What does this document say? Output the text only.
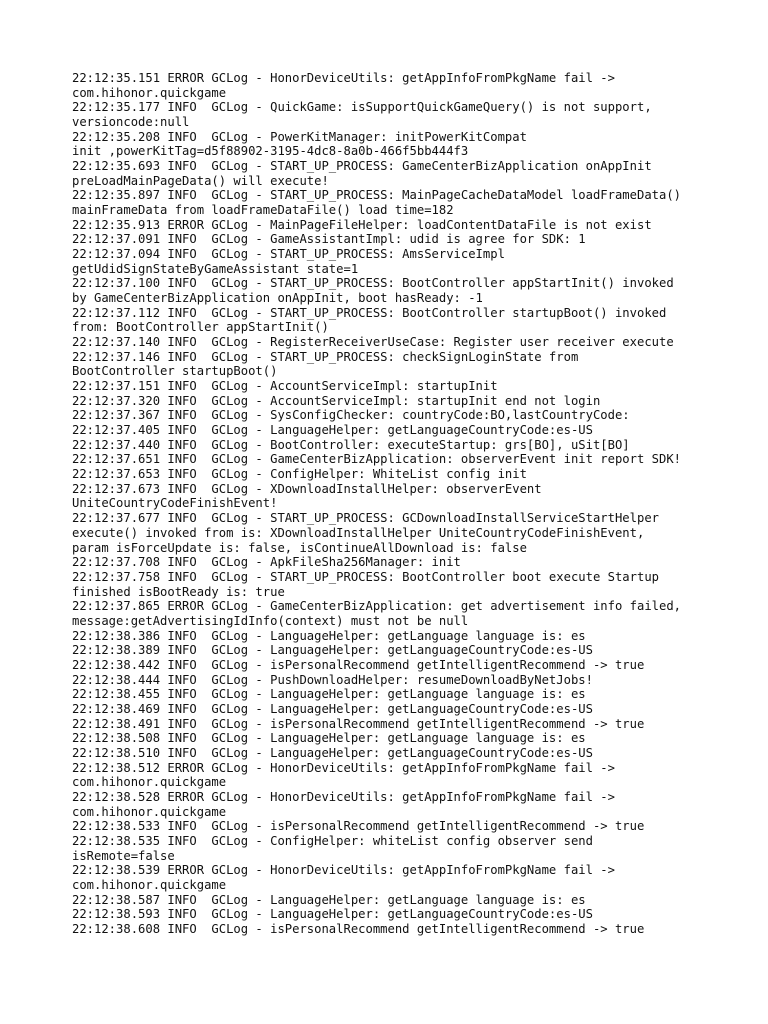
22:12:35.151 ERROR GCLog - HonorDeviceUtils: getAppInfoFromPkgName fail ->
com.hihonor.quickgame
22:12:35.177 INFO  GCLog - QuickGame: isSupportQuickGameQuery() is not support,
versioncode:null
22:12:35.208 INFO  GCLog - PowerKitManager: initPowerKitCompat
init ,powerKitTag=d5f88902-3195-4dc8-8a0b-466f5bb444f3
22:12:35.693 INFO  GCLog - START_UP_PROCESS: GameCenterBizApplication onAppInit
preLoadMainPageData() will execute!
22:12:35.897 INFO  GCLog - START_UP_PROCESS: MainPageCacheDataModel loadFrameData()
mainFrameData from loadFrameDataFile() load time=182
22:12:35.913 ERROR GCLog - MainPageFileHelper: loadContentDataFile is not exist
22:12:37.091 INFO  GCLog - GameAssistantImpl: udid is agree for SDK: 1
22:12:37.094 INFO  GCLog - START_UP_PROCESS: AmsServiceImpl
getUdidSignStateByGameAssistant state=1
22:12:37.100 INFO  GCLog - START_UP_PROCESS: BootController appStartInit() invoked
by GameCenterBizApplication onAppInit, boot hasReady: -1
22:12:37.112 INFO  GCLog - START_UP_PROCESS: BootController startupBoot() invoked
from: BootController appStartInit()
22:12:37.140 INFO  GCLog - RegisterReceiverUseCase: Register user receiver execute
22:12:37.146 INFO  GCLog - START_UP_PROCESS: checkSignLoginState from
BootController startupBoot()
22:12:37.151 INFO  GCLog - AccountServiceImpl: startupInit
22:12:37.320 INFO  GCLog - AccountServiceImpl: startupInit end not login
22:12:37.367 INFO  GCLog - SysConfigChecker: countryCode:BO,lastCountryCode:
22:12:37.405 INFO  GCLog - LanguageHelper: getLanguageCountryCode:es-US
22:12:37.440 INFO  GCLog - BootController: executeStartup: grs[BO], uSit[BO]
22:12:37.651 INFO  GCLog - GameCenterBizApplication: observerEvent init report SDK!
22:12:37.653 INFO  GCLog - ConfigHelper: WhiteList config init
22:12:37.673 INFO  GCLog - XDownloadInstallHelper: observerEvent
UniteCountryCodeFinishEvent!
22:12:37.677 INFO  GCLog - START_UP_PROCESS: GCDownloadInstallServiceStartHelper
execute() invoked from is: XDownloadInstallHelper UniteCountryCodeFinishEvent,
param isForceUpdate is: false, isContinueAllDownload is: false
22:12:37.708 INFO  GCLog - ApkFileSha256Manager: init
22:12:37.758 INFO  GCLog - START_UP_PROCESS: BootController boot execute Startup
finished isBootReady is: true
22:12:37.865 ERROR GCLog - GameCenterBizApplication: get advertisement info failed,
message:getAdvertisingIdInfo(context) must not be null
22:12:38.386 INFO  GCLog - LanguageHelper: getLanguage language is: es
22:12:38.389 INFO  GCLog - LanguageHelper: getLanguageCountryCode:es-US
22:12:38.442 INFO  GCLog - isPersonalRecommend getIntelligentRecommend -> true
22:12:38.444 INFO  GCLog - PushDownloadHelper: resumeDownloadByNetJobs!
22:12:38.455 INFO  GCLog - LanguageHelper: getLanguage language is: es
22:12:38.469 INFO  GCLog - LanguageHelper: getLanguageCountryCode:es-US
22:12:38.491 INFO  GCLog - isPersonalRecommend getIntelligentRecommend -> true
22:12:38.508 INFO  GCLog - LanguageHelper: getLanguage language is: es
22:12:38.510 INFO  GCLog - LanguageHelper: getLanguageCountryCode:es-US
22:12:38.512 ERROR GCLog - HonorDeviceUtils: getAppInfoFromPkgName fail ->
com.hihonor.quickgame
22:12:38.528 ERROR GCLog - HonorDeviceUtils: getAppInfoFromPkgName fail ->
com.hihonor.quickgame
22:12:38.533 INFO  GCLog - isPersonalRecommend getIntelligentRecommend -> true
22:12:38.535 INFO  GCLog - ConfigHelper: whiteList config observer send
isRemote=false
22:12:38.539 ERROR GCLog - HonorDeviceUtils: getAppInfoFromPkgName fail ->
com.hihonor.quickgame
22:12:38.587 INFO  GCLog - LanguageHelper: getLanguage language is: es
22:12:38.593 INFO  GCLog - LanguageHelper: getLanguageCountryCode:es-US
22:12:38.608 INFO  GCLog - isPersonalRecommend getIntelligentRecommend -> true
